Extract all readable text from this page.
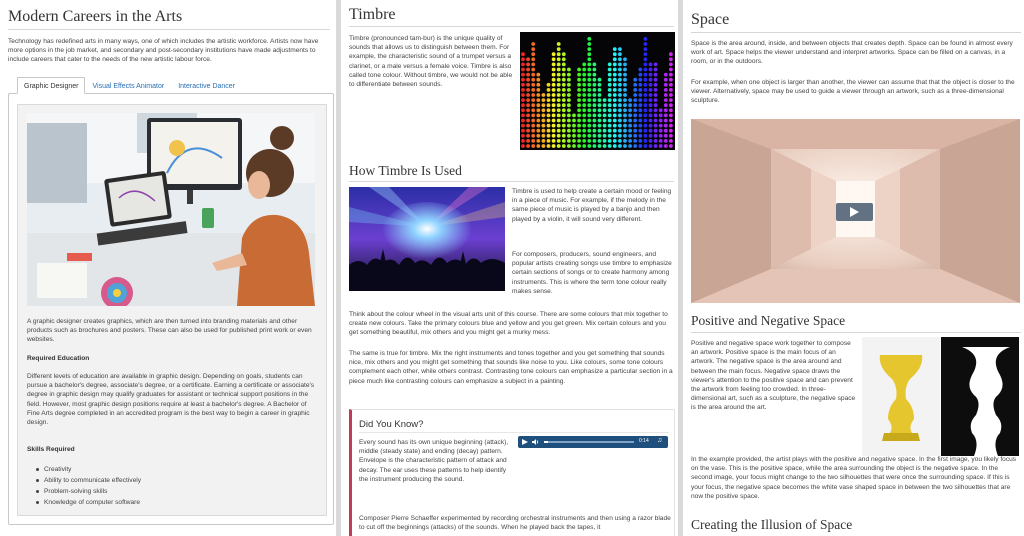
Modern Careers in the Arts

Technology has redefined arts in many ways, one of which includes the artistic workforce. Artists now have more options in the job market, and secondary and post-secondary institutions have made adjustments to include careers that cater to the needs of the new artistic labour force.

Graphic Designer	Visual Effects Animator	Interactive Dancer

A graphic designer creates graphics, which are then turned into branding materials and other products such as brochures and posters. These can also be used for published print work or even websites.

Required Education

Different levels of education are available in graphic design. Depending on goals, students can pursue a bachelor's degree, associate's degree, or a certificate. Earning a certificate or associate's degree in graphic design may qualify graduates for assistant or technical support positions in the field. However, most graphic design positions require at least a bachelor's degree. A Bachelor of Fine Arts degree completed in an accredited program is the best way to begin a career in graphic design.

Skills Required
Creativity
Ability to communicate effectively
Problem-solving skills
Knowledge of computer software
Timbre

Timbre (pronounced tam-bur) is the unique quality of sounds that allows us to distinguish between them. For example, the characteristic sound of a trumpet versus a clarinet, or a male versus a female voice. Timbre is also called tone colour. Without timbre, we would not be able to differentiate between sounds.

How Timbre Is Used

Timbre is used to help create a certain mood or feeling in a piece of music. For example, if the melody in the same piece of music is played by a banjo and then played by a violin, it will sound very different.

For composers, producers, sound engineers, and popular artists creating songs use timbre to emphasize certain sections of songs or to create harmony among instruments. This is where the term tone colour really makes sense.

Think about the colour wheel in the visual arts unit of this course. There are some colours that mix together to create new colours. Take the primary colours blue and yellow and you get green. Mix certain colours and you get something beautiful, mix others and you might get a murky mess.

The same is true for timbre. Mix the right instruments and tones together and you get something that sounds nice, mix others and you might get something that sounds like noise to you. Like colours, some tone colours complement each other, while others contrast. Contrasting tone colours can emphasize a particular section in a piece much like contrasting colours can emphasize a subject in a painting.

Did You Know?

Every sound has its own unique beginning (attack), middle (steady state) and ending (decay) pattern. Envelope is the characteristic pattern of attack and decay. The ear uses these patterns to help identify the instrument producing the sound.

0:14 ♫

Composer Pierre Schaeffer experimented by recording orchestral instruments and then using a razor blade to cut off the beginnings (attacks) of the sounds. When he played back the tapes, it

Space

Space is the area around, inside, and between objects that creates depth. Space can be found in almost every work of art. Space helps the viewer understand and interpret artworks. Space can be filled on a canvas, in a room, or in the outdoors.

For example, when one object is larger than another, the viewer can assume that that the object is closer to the viewer. Alternatively, space may be used to guide a viewer through an artwork, such as a three-dimensional sculpture.

Positive and Negative Space

Positive and negative space work together to compose an artwork. Positive space is the main focus of an artwork. The negative space is the area around and between the main focus. Negative space draws the viewer's attention to the positive space and can prevent the artwork from feeling too crowded. In three-dimensional art, such as a sculpture, the negative space is the area around the art.

In the example provided, the artist plays with the positive and negative space. In the first image, you likely focus on the vase. This is the positive space, while the area surrounding the object is the negative space. In the second image, your focus might change to the two silhouettes that were once the surrounding space. If this is your focus, the negative space becomes the white vase shaped space in between the two silhouettes that are now the positive space.

Creating the Illusion of Space
